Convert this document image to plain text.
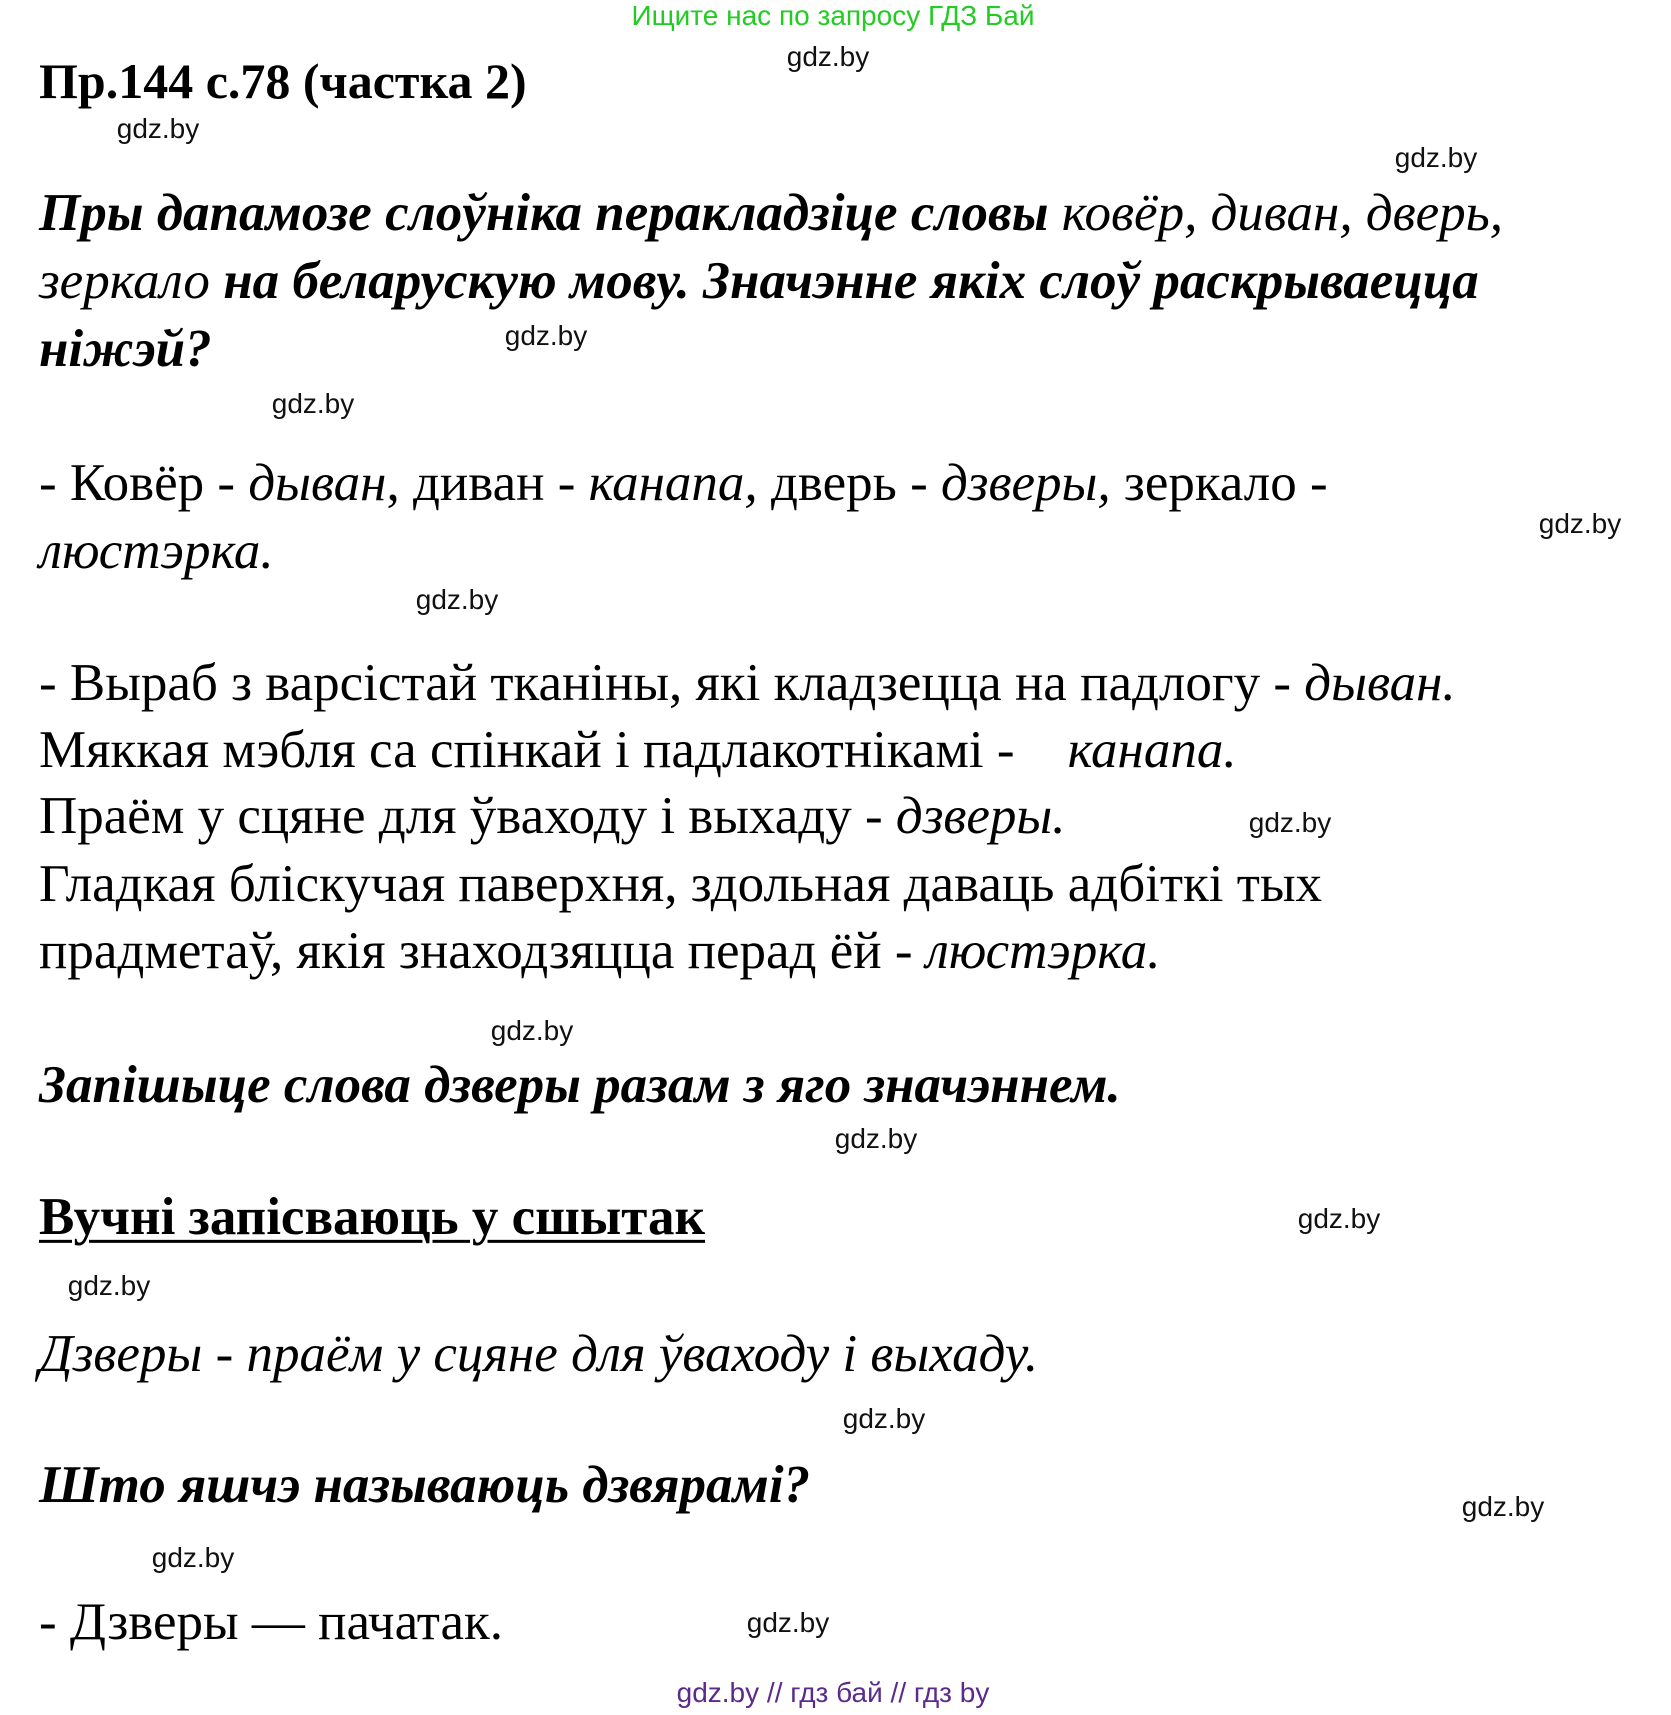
Ищите нас по запросу ГДЗ Бай
Пр.144 с.78 (частка 2)
Пры дапамозе слоўніка перакладзіце словы ковёр, диван, дверь,
зеркало на беларускую мову. Значэнне якіх слоў раскрываецца
ніжэй?
- Ковёр - дыван, диван - канапа, дверь - дзверы, зеркало -
люстэрка.
- Выраб з варсістай тканіны, які кладзецца на падлогу - дыван.
Мяккая мэбля са спінкай і падлакотнікамі -    канапа.
Праём у сцяне для ўваходу і выхаду - дзверы.
Гладкая бліскучая паверхня, здольная даваць адбіткі тых
прадметаў, якія знаходзяцца перад ёй - люстэрка.
Запішыце слова дзверы разам з яго значэннем.
Вучні запісваюць у сшытак
Дзверы - праём у сцяне для ўваходу і выхаду.
Што яшчэ называюць дзвярамі?
- Дзверы — пачатак.
gdz.by
gdz.by
gdz.by
gdz.by
gdz.by
gdz.by
gdz.by
gdz.by
gdz.by
gdz.by
gdz.by
gdz.by
gdz.by
gdz.by
gdz.by
gdz.by
gdz.by // гдз бай // гдз by
